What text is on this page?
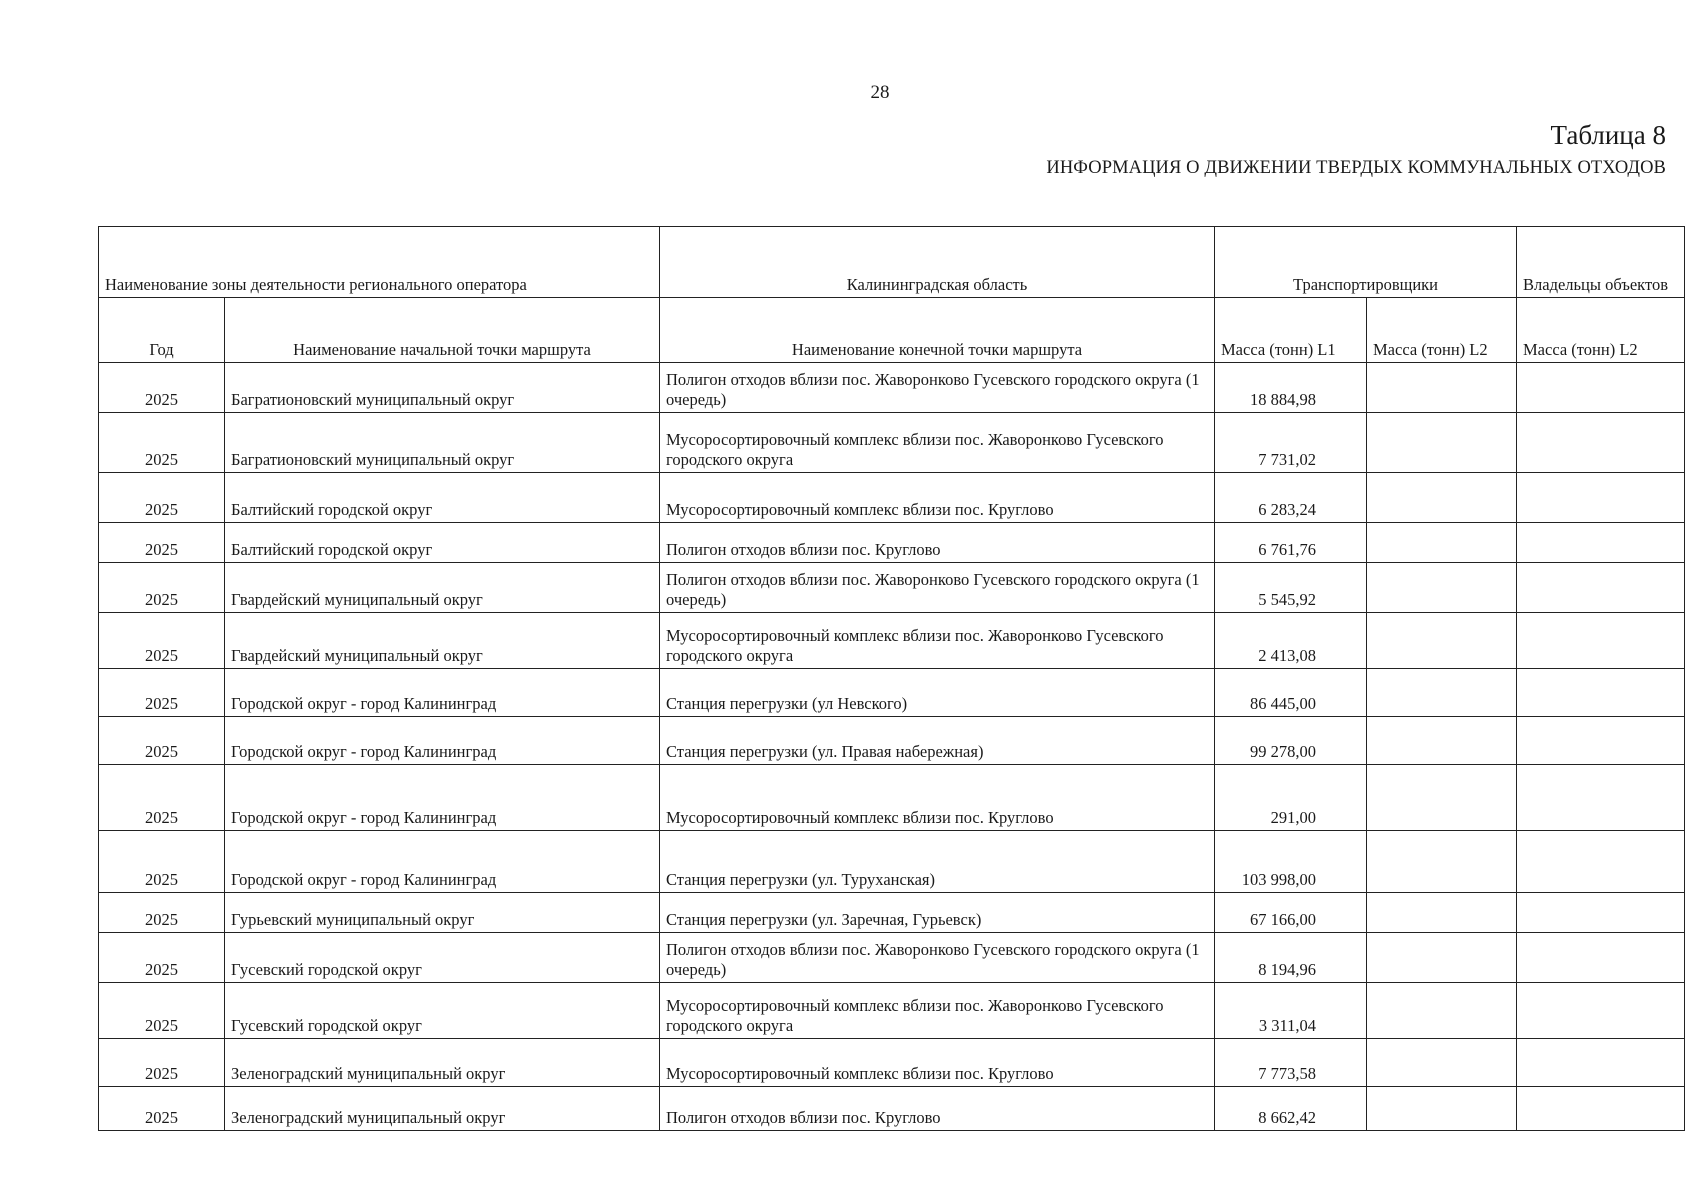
28
Таблица 8
ИНФОРМАЦИЯ О ДВИЖЕНИИ ТВЕРДЫХ КОММУНАЛЬНЫХ ОТХОДОВ
Наименование зоны деятельности регионального оператора		Калининградская область	Транспортировщики		Владельцы объектов
Год	Наименование начальной точки маршрута	Наименование конечной точки маршрута	Масса (тонн) L1	Масса (тонн) L2	Масса (тонн) L2
2025	Багратионовский муниципальный округ	Полигон отходов вблизи пос. Жаворонково Гусевского городского округа (1 очередь)	18 884,98		
2025	Багратионовский муниципальный округ	Мусоросортировочный комплекс вблизи пос. Жаворонково Гусевского городского округа	7 731,02		
2025	Балтийский городской округ	Мусоросортировочный комплекс вблизи пос. Круглово	6 283,24		
2025	Балтийский городской округ	Полигон отходов вблизи пос. Круглово	6 761,76		
2025	Гвардейский муниципальный округ	Полигон отходов вблизи пос. Жаворонково Гусевского городского округа (1 очередь)	5 545,92		
2025	Гвардейский муниципальный округ	Мусоросортировочный комплекс вблизи пос. Жаворонково Гусевского городского округа	2 413,08		
2025	Городской округ - город Калининград	Станция перегрузки (ул Невского)	86 445,00		
2025	Городской округ - город Калининград	Станция перегрузки (ул. Правая набережная)	99 278,00		
2025	Городской округ - город Калининград	Мусоросортировочный комплекс вблизи пос. Круглово	291,00		
2025	Городской округ - город Калининград	Станция перегрузки (ул. Туруханская)	103 998,00		
2025	Гурьевский муниципальный округ	Станция перегрузки (ул. Заречная, Гурьевск)	67 166,00		
2025	Гусевский городской округ	Полигон отходов вблизи пос. Жаворонково Гусевского городского округа (1 очередь)	8 194,96		
2025	Гусевский городской округ	Мусоросортировочный комплекс вблизи пос. Жаворонково Гусевского городского округа	3 311,04		
2025	Зеленоградский муниципальный округ	Мусоросортировочный комплекс вблизи пос. Круглово	7 773,58		
2025	Зеленоградский муниципальный округ	Полигон отходов вблизи пос. Круглово	8 662,42		
